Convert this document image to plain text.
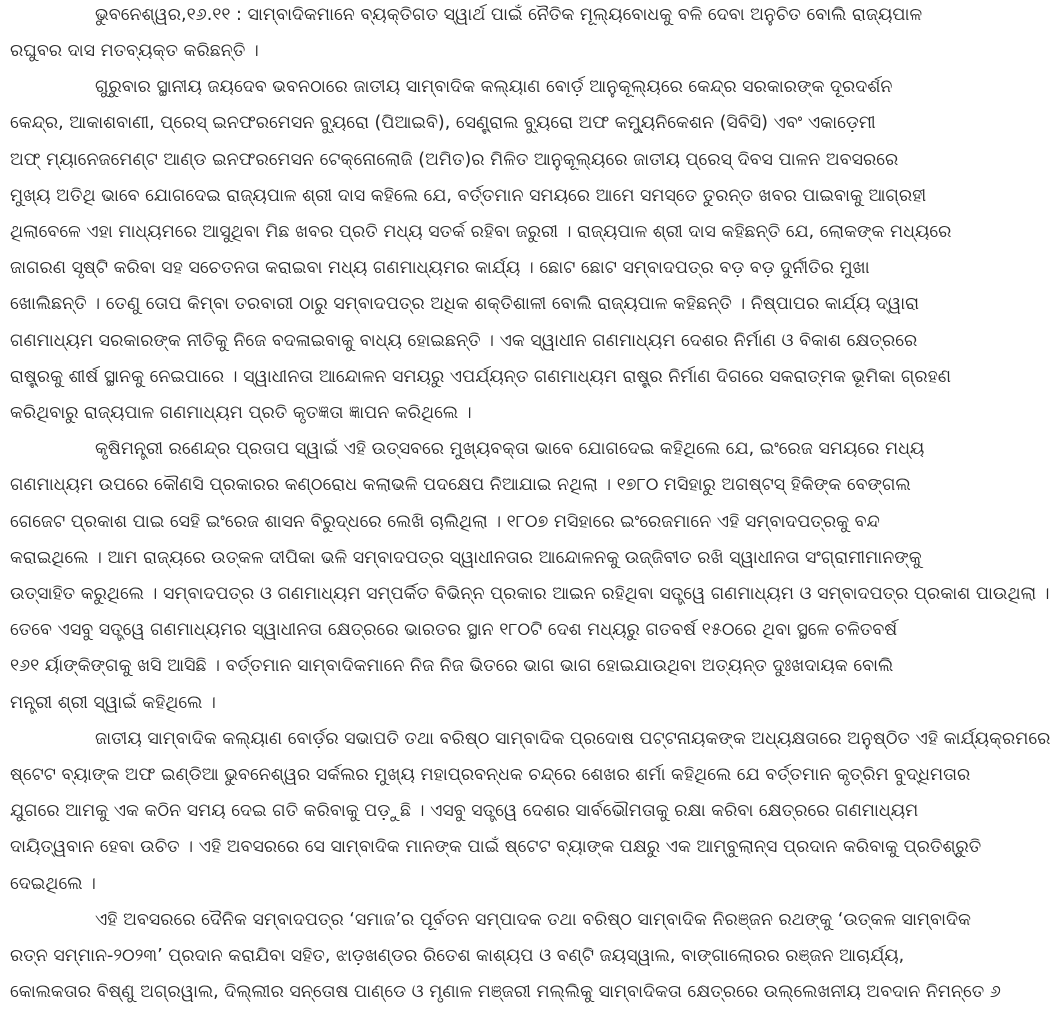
ଭୁବନେଶ୍ୱର,୧୬.୧୧ : ସାମ୍ବାଦିକମାନେ ବ୍ୟକ୍ତିଗତ ସ୍ୱାର୍ଥ ପାଇଁ ନୈତିକ ମୂଲ୍ୟବୋଧକୁ ବଳି ଦେବା ଅନୁଚିତ ବୋଲି ରାଜ୍ୟପାଳ
ରଘୁବର ଦାସ ମତବ୍ୟକ୍ତ କରିଛନ୍ତି ।
ଗୁରୁବାର ସ୍ଥାନୀୟ ଜୟଦେବ ଭବନଠାରେ ଜାତୀୟ ସାମ୍ବାଦିକ କଲ୍ୟାଣ ବୋର୍ଡ଼ ଆନୁକୂଲ୍ୟରେ କେନ୍ଦ୍ର ସରକାରଙ୍କ ଦୂରଦର୍ଶନ
କେନ୍ଦ୍ର, ଆକାଶବାଣୀ, ପ୍ରେସ୍ ଇନଫରମେସନ ବ୍ୟୁରୋ (ପିଆଇବି), ସେଣ୍ଟ୍ରାଲ ବ୍ୟୁରୋ ଅଫ କମ୍ୟୁନିକେଶନ (ସିବିସି) ଏବଂ ଏକାଡ଼େମୀ
ଅଫ୍ ମ୍ୟାନେଜମେଣ୍ଟ ଆଣ୍ଡ ଇନଫରମେସନ ଟେକ୍ନୋଲୋଜି (ଅମିତ)ର ମିଳିତ ଆନୁକୂଲ୍ୟରେ ଜାତୀୟ ପ୍ରେସ୍ ଦିବସ ପାଳନ ଅବସରରେ
ମୁଖ୍ୟ ଅତିଥି ଭାବେ ଯୋଗଦେଇ ରାଜ୍ୟପାଳ ଶ୍ରୀ ଦାସ କହିଲେ ଯେ, ବର୍ତ୍ତମାନ ସମୟରେ ଆମେ ସମସ୍ତେ ତୁରନ୍ତ ଖବର ପାଇବାକୁ ଆଗ୍ରହୀ
ଥିଲାବେଳେ ଏହା ମାଧ୍ୟମରେ ଆସୁଥିବା ମିଛ ଖବର ପ୍ରତି ମଧ୍ୟ ସତର୍କ ରହିବା ଜରୁରୀ । ରାଜ୍ୟପାଳ ଶ୍ରୀ ଦାସ କହିଛନ୍ତି ଯେ, ଲୋକଙ୍କ ମଧ୍ୟରେ
ଜାଗରଣ ସୃଷ୍ଟି କରିବା ସହ ସଚେତନତା କରାଇବା ମଧ୍ୟ ଗଣମାଧ୍ୟମର କାର୍ଯ୍ୟ । ଛୋଟ ଛୋଟ ସମ୍ବାଦପତ୍ର ବଡ଼ ବଡ଼ ଦୁର୍ନୀତିର ମୁଖା
ଖୋଲିଛନ୍ତି । ତେଣୁ ତୋପ କିମ୍ବା ତରବାରୀ ଠାରୁ ସମ୍ବାଦପତ୍ର ଅଧିକ ଶକ୍ତିଶାଳୀ ବୋଲି ରାଜ୍ୟପାଳ କହିଛନ୍ତି । ନିଷ୍ପାପର କାର୍ଯ୍ୟ ଦ୍ୱାରା
ଗଣମାଧ୍ୟମ ସରକାରଙ୍କ ନୀତିକୁ ନିଜେ ବଦଳାଇବାକୁ ବାଧ୍ୟ ହୋଇଛନ୍ତି । ଏକ ସ୍ୱାଧୀନ ଗଣମାଧ୍ୟମ ଦେଶର ନିର୍ମାଣ ଓ ବିକାଶ କ୍ଷେତ୍ରରେ
ରାଷ୍ଟ୍ରକୁ ଶୀର୍ଷ ସ୍ଥାନକୁ ନେଇପାରେ । ସ୍ୱାଧୀନତା ଆନ୍ଦୋଳନ ସମୟରୁ ଏପର୍ଯ୍ୟନ୍ତ ଗଣମାଧ୍ୟମ ରାଷ୍ଟ୍ର ନିର୍ମାଣ ଦିଗରେ ସକରାତ୍ମକ ଭୂମିକା ଗ୍ରହଣ
କରିଥିବାରୁ ରାଜ୍ୟପାଳ ଗଣମାଧ୍ୟମ ପ୍ରତି କୃତଜ୍ଞତା ଜ୍ଞାପନ କରିଥିଲେ ।
କୃଷିମନ୍ତ୍ରୀ ରଣେନ୍ଦ୍ର ପ୍ରତାପ ସ୍ୱାଇଁ ଏହି ଉତ୍ସବରେ ମୁଖ୍ୟବକ୍ତା ଭାବେ ଯୋଗଦେଇ କହିଥିଲେ ଯେ, ଇଂରେଜ ସମୟରେ ମଧ୍ୟ
ଗଣମାଧ୍ୟମ ଉପରେ କୌଣସି ପ୍ରକାରର କଣ୍ଠରୋଧ କଲାଭଳି ପଦକ୍ଷେପ ନିଆଯାଇ ନଥିଲା । ୧୭୮୦ ମସିହାରୁ ଅଗଷ୍ଟସ୍ ହିକିଙ୍କ ବେଙ୍ଗଲ
ଗେଜେଟ ପ୍ରକାଶ ପାଇ ସେହି ଇଂରେଜ ଶାସନ ବିରୁଦ୍ଧରେ ଲେଖି ଚାଲିଥିଲା । ୧୮୦୭ ମସିହାରେ ଇଂରେଜମାନେ ଏହି ସମ୍ବାଦପତ୍ରକୁ ବନ୍ଦ
କରାଇଥିଲେ । ଆମ ରାଜ୍ୟରେ ଉତ୍କଳ ଦୀପିକା ଭଳି ସମ୍ବାଦପତ୍ର ସ୍ୱାଧୀନତାର ଆନ୍ଦୋଳନକୁ ଉଜ୍ଜିବୀତ ରଖି ସ୍ୱାଧୀନତା ସଂଗ୍ରାମୀମାନଙ୍କୁ
ଉତ୍ସାହିତ କରୁଥିଲେ । ସମ୍ବାଦପତ୍ର ଓ ଗଣମାଧ୍ୟମ ସମ୍ପର୍କିତ ବିଭିନ୍ନ ପ୍ରକାର ଆଇନ ରହିଥିବା ସତ୍ତ୍ୱେ ଗଣମାଧ୍ୟମ ଓ ସମ୍ବାଦପତ୍ର ପ୍ରକାଶ ପାଉଥିଲା ।
ତେବେ ଏସବୁ ସତ୍ତ୍ୱେ ଗଣମାଧ୍ୟମର ସ୍ୱାଧୀନତା କ୍ଷେତ୍ରରେ ଭାରତର ସ୍ଥାନ ୧୮୦ଟି ଦେଶ ମଧ୍ୟରୁ ଗତବର୍ଷ ୧୫୦ରେ ଥିବା ସ୍ଥଳେ ଚଳିତବର୍ଷ
୧୬୧ ର୍ୟାଙ୍କିଙ୍ଗକୁ ଖସି ଆସିଛି । ବର୍ତ୍ତମାନ ସାମ୍ବାଦିକମାନେ ନିଜ ନିଜ ଭିତରେ ଭାଗ ଭାଗ ହୋଇଯାଉଥିବା ଅତ୍ୟନ୍ତ ଦୁଃଖଦାୟକ ବୋଲି
ମନ୍ତ୍ରୀ ଶ୍ରୀ ସ୍ୱାଇଁ କହିଥିଲେ ।
ଜାତୀୟ ସାମ୍ବାଦିକ କଲ୍ୟାଣ ବୋର୍ଡ଼ର ସଭାପତି ତଥା ବରିଷ୍ଠ ସାମ୍ବାଦିକ ପ୍ରଦୋଷ ପଟ୍ଟନାୟକଙ୍କ ଅଧ୍ୟକ୍ଷତାରେ ଅନୁଷ୍ଠିତ ଏହି କାର୍ଯ୍ୟକ୍ରମରେ
ଷ୍ଟେଟ ବ୍ୟାଙ୍କ ଅଫ ଇଣ୍ଡିଆ ଭୁବନେଶ୍ୱର ସର୍କଲର ମୁଖ୍ୟ ମହାପ୍ରବନ୍ଧକ ଚନ୍ଦ୍ରେ ଶେଖର ଶର୍ମା କହିଥିଲେ ଯେ ବର୍ତ୍ତମାନ କୃତ୍ରିମ ବୁଦ୍ଧିମତାର
ଯୁଗରେ ଆମକୁ ଏକ କଠିନ ସମୟ ଦେଇ ଗତି କରିବାକୁ ପଡ଼ୁଛି । ଏସବୁ ସତ୍ତ୍ୱେ ଦେଶର ସାର୍ବଭୌମତାକୁ ରକ୍ଷା କରିବା କ୍ଷେତ୍ରରେ ଗଣମାଧ୍ୟମ
ଦାୟିତ୍ୱବାନ ହେବା ଉଚିତ । ଏହି ଅବସରରେ ସେ ସାମ୍ବାଦିକ ମାନଙ୍କ ପାଇଁ ଷ୍ଟେଟ ବ୍ୟାଙ୍କ ପକ୍ଷରୁ ଏକ ଆମ୍ବୁଲାନ୍ସ ପ୍ରଦାନ କରିବାକୁ ପ୍ରତିଶ୍ରୁତି
ଦେଇଥିଲେ ।
ଏହି ଅବସରରେ ଦୈନିକ ସମ୍ବାଦପତ୍ର ‘ସମାଜ’ର ପୂର୍ବତନ ସମ୍ପାଦକ ତଥା ବରିଷ୍ଠ ସାମ୍ବାଦିକ ନିରଞ୍ଜନ ରଥଙ୍କୁ ‘ଉତ୍କଳ ସାମ୍ବାଦିକ
ରତ୍ନ ସମ୍ମାନ-୨୦୨୩’ ପ୍ରଦାନ କରାଯିବା ସହିତ, ଝାଡ଼ଖଣ୍ଡର ରିତେଶ କାଶ୍ୟପ ଓ ବଣ୍ଟି ଜୟସ୍ୱାଲ, ବାଙ୍ଗାଲୋରର ରଞ୍ଜନ ଆଚାର୍ଯ୍ୟ,
କୋଲକତାର ବିଷ୍ଣୁ ଅଗ୍ରୱାଲ, ଦିଲ୍ଲୀର ସନ୍ତୋଷ ପାଣ୍ଡେ ଓ ମୃଣାଳ ମଞ୍ଜରୀ ମଲ୍ଲିକୁ ସାମ୍ବାଦିକତା କ୍ଷେତ୍ରରେ ଉଲ୍ଲେଖନୀୟ ଅବଦାନ ନିମନ୍ତେ ୬
